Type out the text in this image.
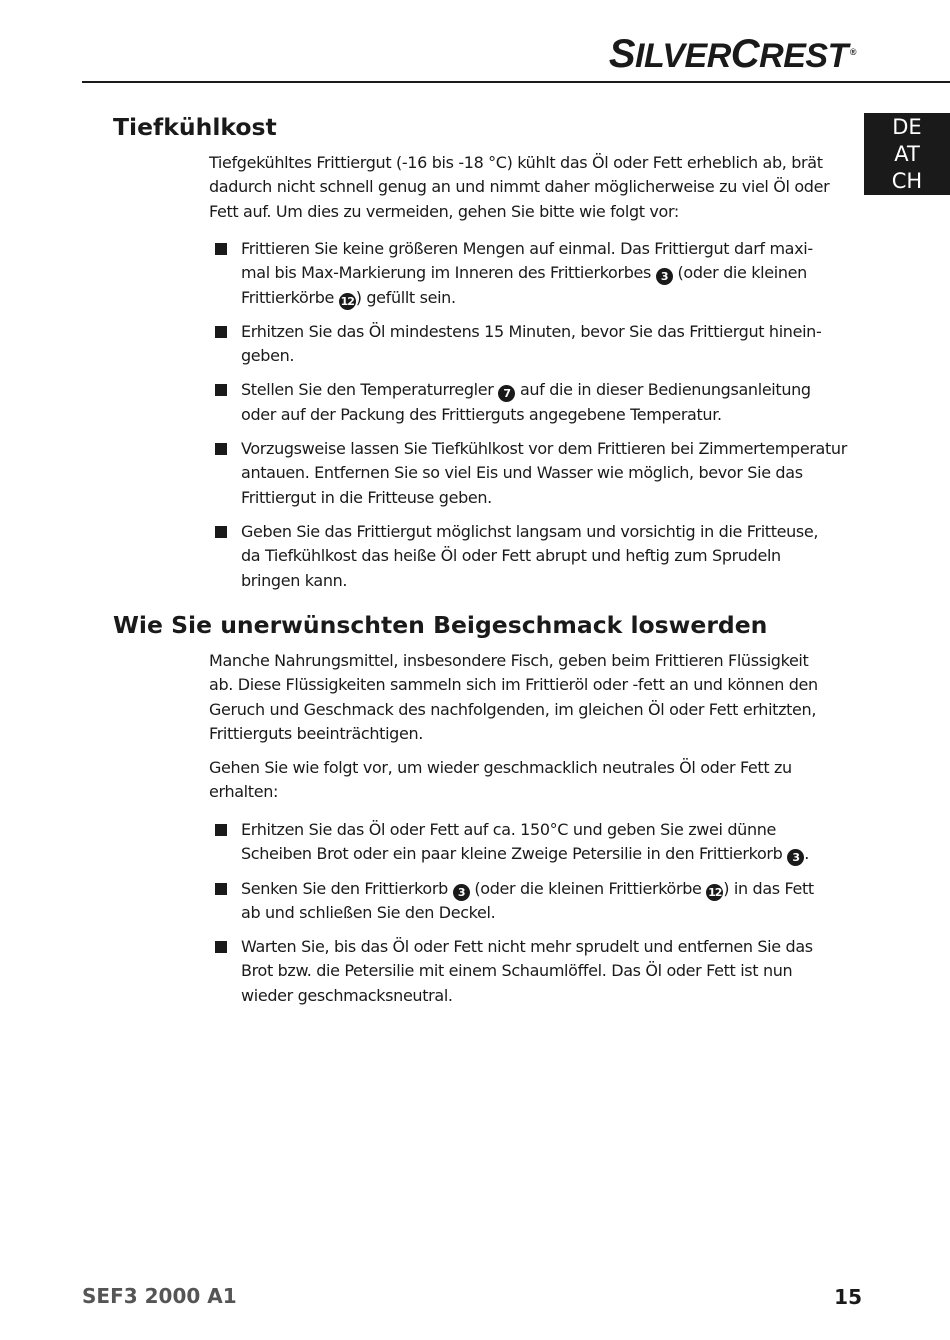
SILVERCREST ®
DE
AT
CH
Tiefkühlkost
Tiefgekühltes Frittiergut (-16 bis -18 °C) kühlt das Öl oder Fett erheblich ab, brät
dadurch nicht schnell genug an und nimmt daher möglicherweise zu viel Öl oder
Fett auf. Um dies zu vermeiden, gehen Sie bitte wie folgt vor:
Frittieren Sie keine größeren Mengen auf einmal. Das Frittiergut darf maxi-
mal bis Max-Markierung im Inneren des Frittierkorbes 3 (oder die kleinen
Frittierkörbe 12 ) gefüllt sein.
Erhitzen Sie das Öl mindestens 15 Minuten, bevor Sie das Frittiergut hinein-
geben.
Stellen Sie den Temperaturregler 7 auf die in dieser Bedienungsanleitung
oder auf der Packung des Frittierguts angegebene Temperatur.
Vorzugsweise lassen Sie Tiefkühlkost vor dem Frittieren bei Zimmertemperatur
antauen. Entfernen Sie so viel Eis und Wasser wie möglich, bevor Sie das
Frittiergut in die Fritteuse geben.
Geben Sie das Frittiergut möglichst langsam und vorsichtig in die Fritteuse,
da Tiefkühlkost das heiße Öl oder Fett abrupt und heftig zum Sprudeln
bringen kann.
Wie Sie unerwünschten Beigeschmack loswerden
Manche Nahrungsmittel, insbesondere Fisch, geben beim Frittieren Flüssigkeit
ab. Diese Flüssigkeiten sammeln sich im Frittieröl oder -fett an und können den
Geruch und Geschmack des nachfolgenden, im gleichen Öl oder Fett erhitzten,
Frittierguts beeinträchtigen.
Gehen Sie wie folgt vor, um wieder geschmacklich neutrales Öl oder Fett zu
erhalten:
Erhitzen Sie das Öl oder Fett auf ca. 150°C und geben Sie zwei dünne
Scheiben Brot oder ein paar kleine Zweige Petersilie in den Frittierkorb 3 .
Senken Sie den Frittierkorb 3 (oder die kleinen Frittierkörbe 12 ) in das Fett
ab und schließen Sie den Deckel.
Warten Sie, bis das Öl oder Fett nicht mehr sprudelt und entfernen Sie das
Brot bzw. die Petersilie mit einem Schaumlöffel. Das Öl oder Fett ist nun
wieder geschmacksneutral.
SEF3 2000 A1	15
